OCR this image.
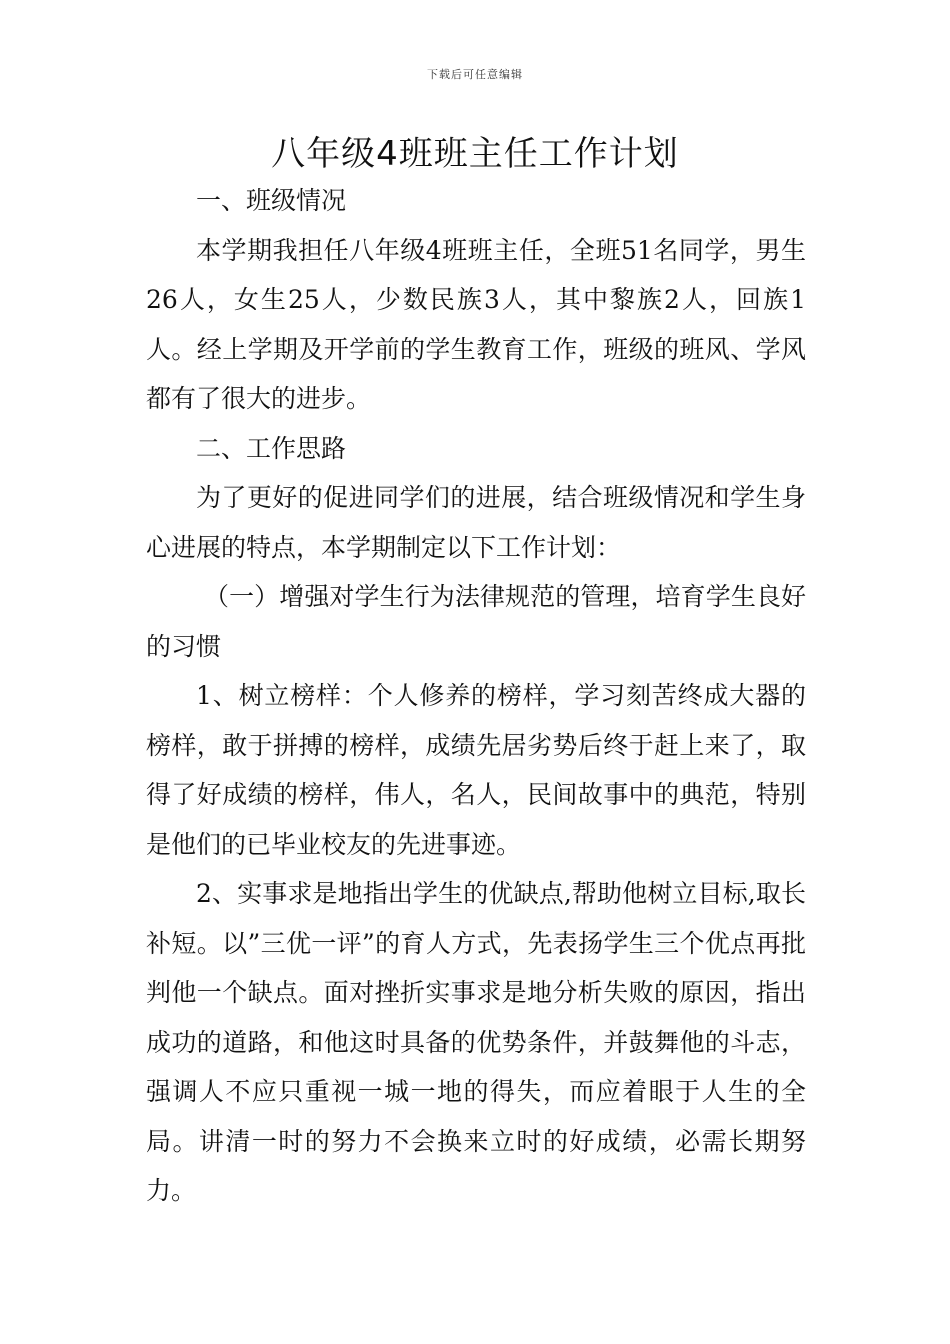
下载后可任意编辑
八年级4班班主任工作计划

一、班级情况

本学期我担任八年级4班班主任，全班51名同学，男生26人，女生25人，少数民族3人，其中黎族2人，回族1人。经上学期及开学前的学生教育工作，班级的班风、学风都有了很大的进步。

二、工作思路

为了更好的促进同学们的进展，结合班级情况和学生身心进展的特点，本学期制定以下工作计划：

（一）增强对学生行为法律规范的管理，培育学生良好的习惯

1、树立榜样：个人修养的榜样，学习刻苦终成大器的榜样，敢于拼搏的榜样，成绩先居劣势后终于赶上来了，取得了好成绩的榜样，伟人，名人，民间故事中的典范，特别是他们的已毕业校友的先进事迹。

2、实事求是地指出学生的优缺点,帮助他树立目标,取长补短。以”三优一评”的育人方式，先表扬学生三个优点再批判他一个缺点。面对挫折实事求是地分析失败的原因，指出成功的道路，和他这时具备的优势条件，并鼓舞他的斗志，强调人不应只重视一城一地的得失，而应着眼于人生的全局。讲清一时的努力不会换来立时的好成绩，必需长期努力。
